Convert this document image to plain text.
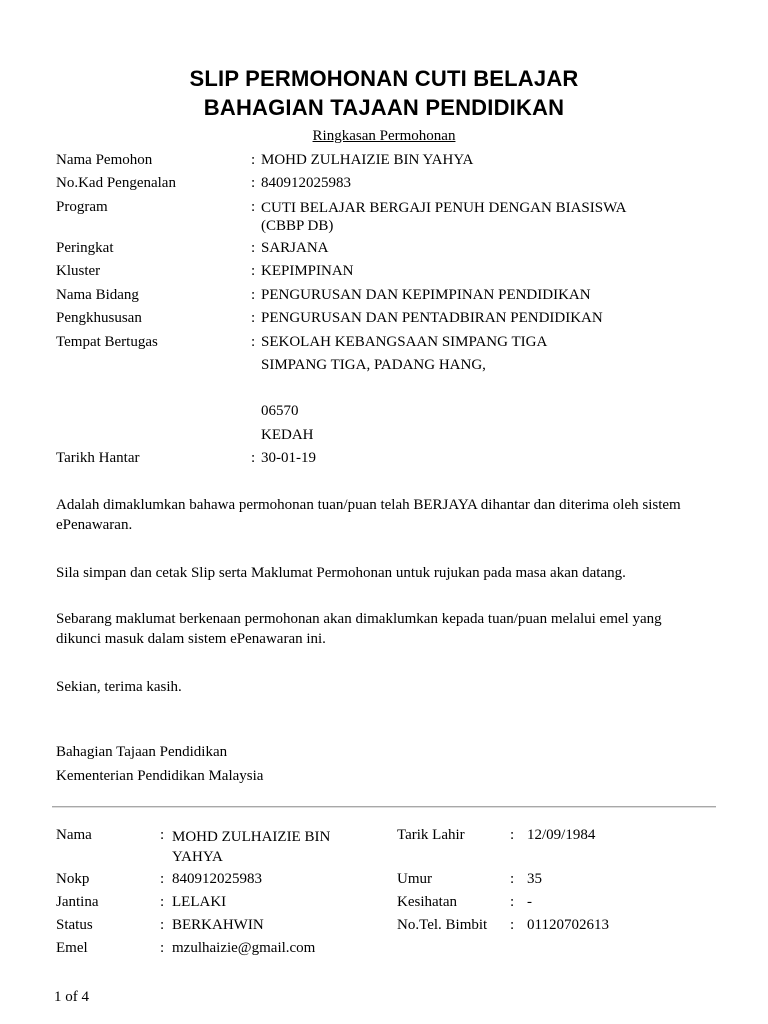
SLIP PERMOHONAN CUTI BELAJAR
BAHAGIAN TAJAAN PENDIDIKAN
Ringkasan Permohonan
Nama Pemohon	: MOHD ZULHAIZIE BIN YAHYA
No.Kad Pengenalan	: 840912025983
Program	: CUTI BELAJAR BERGAJI PENUH DENGAN BIASISWA (CBBP DB)
Peringkat	: SARJANA
Kluster	: KEPIMPINAN
Nama Bidang	: PENGURUSAN DAN KEPIMPINAN PENDIDIKAN
Pengkhususan	: PENGURUSAN DAN PENTADBIRAN PENDIDIKAN
Tempat Bertugas	: SEKOLAH KEBANGSAAN SIMPANG TIGA
SIMPANG TIGA, PADANG HANG,
06570
KEDAH
Tarikh Hantar	: 30-01-19
Adalah dimaklumkan bahawa permohonan tuan/puan telah BERJAYA dihantar dan diterima oleh sistem ePenawaran.
Sila simpan dan cetak Slip serta Maklumat Permohonan untuk rujukan pada masa akan datang.
Sebarang maklumat berkenaan permohonan akan dimaklumkan kepada tuan/puan melalui emel yang dikunci masuk dalam sistem ePenawaran ini.
Sekian, terima kasih.
Bahagian Tajaan Pendidikan
Kementerian Pendidikan Malaysia
Nama	: MOHD ZULHAIZIE BIN YAHYA
Nokp	: 840912025983
Jantina	: LELAKI
Status	: BERKAHWIN
Emel	: mzulhaizie@gmail.com
Tarik Lahir	: 12/09/1984
Umur	: 35
Kesihatan	: -
No.Tel. Bimbit : 01120702613
1 of 4
